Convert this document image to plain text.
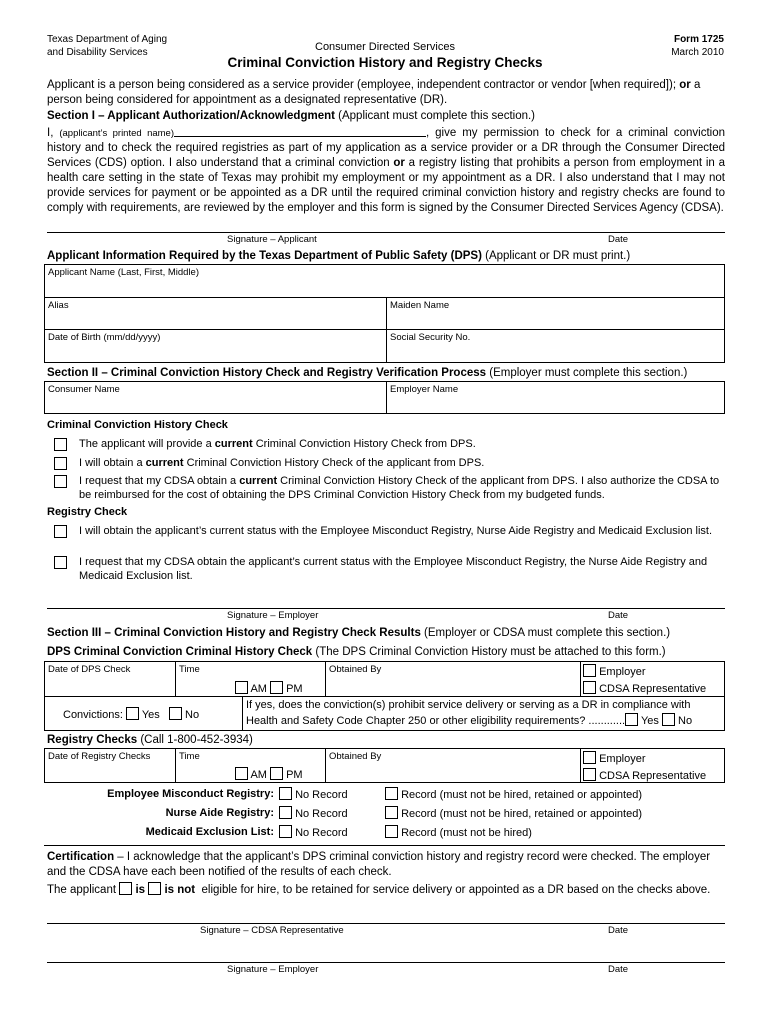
Texas Department of Aging
and Disability Services	Consumer Directed Services
Criminal Conviction History and Registry Checks
Form 1725
March 2010
Applicant is a person being considered as a service provider (employee, independent contractor or vendor [when required]); or a person being considered for appointment as a designated representative (DR).
Section I – Applicant Authorization/Acknowledgment (Applicant must complete this section.)
I, (applicant’s printed name)	, give my permission to check for a criminal conviction history and to check the required registries as part of my application as a service provider or a DR through the Consumer Directed Services (CDS) option. I also understand that a criminal conviction or a registry listing that prohibits a person from employment in a health care setting in the state of Texas may prohibit my employment or my appointment as a DR. I also understand that I may not provide services for payment or be appointed as a DR until the required criminal conviction history and registry checks are found to comply with requirements, are reviewed by the employer and this form is signed by the Consumer Directed Services Agency (CDSA).
Signature – Applicant	Date
Applicant Information Required by the Texas Department of Public Safety (DPS) (Applicant or DR must print.)
Applicant Name (Last, First, Middle)	
Alias	Maiden Name
Date of Birth (mm/dd/yyyy)	Social Security No.
Section II – Criminal Conviction History Check and Registry Verification Process (Employer must complete this section.)
Consumer Name	Employer Name
Criminal Conviction History Check
The applicant will provide a current Criminal Conviction History Check from DPS.
I will obtain a current Criminal Conviction History Check of the applicant from DPS.
I request that my CDSA obtain a current Criminal Conviction History Check of the applicant from DPS. I also authorize the CDSA to be reimbursed for the cost of obtaining the DPS Criminal Conviction History Check from my budgeted funds.
Registry Check
I will obtain the applicant’s current status with the Employee Misconduct Registry, Nurse Aide Registry and Medicaid Exclusion list.
I request that my CDSA obtain the applicant’s current status with the Employee Misconduct Registry, the Nurse Aide Registry and Medicaid Exclusion list.
Signature – Employer	Date
Section III – Criminal Conviction History and Registry Check Results (Employer or CDSA must complete this section.)
DPS Criminal Conviction Criminal History Check (The DPS Criminal Conviction History must be attached to this form.)
Date of DPS Check	Time	Obtained By
AM PM
Employer
CDSA Representative
Convictions: Yes No
If yes, does the conviction(s) prohibit service delivery or serving as a DR in compliance with
Health and Safety Code Chapter 250 or other eligibility requirements? ............ Yes No
Registry Checks (Call 1-800-452-3934)
Date of Registry Checks	Time	Obtained By
AM PM
Employer
CDSA Representative
Employee Misconduct Registry:	No Record	Record (must not be hired, retained or appointed)
Nurse Aide Registry:	No Record	Record (must not be hired, retained or appointed)
Medicaid Exclusion List:	No Record	Record (must not be hired)
Certification – I acknowledge that the applicant’s DPS criminal conviction history and registry record were checked. The employer and the CDSA have each been notified of the results of each check.
The applicant is is not eligible for hire, to be retained for service delivery or appointed as a DR based on the checks above.
Signature – CDSA Representative	Date
Signature – Employer	Date
